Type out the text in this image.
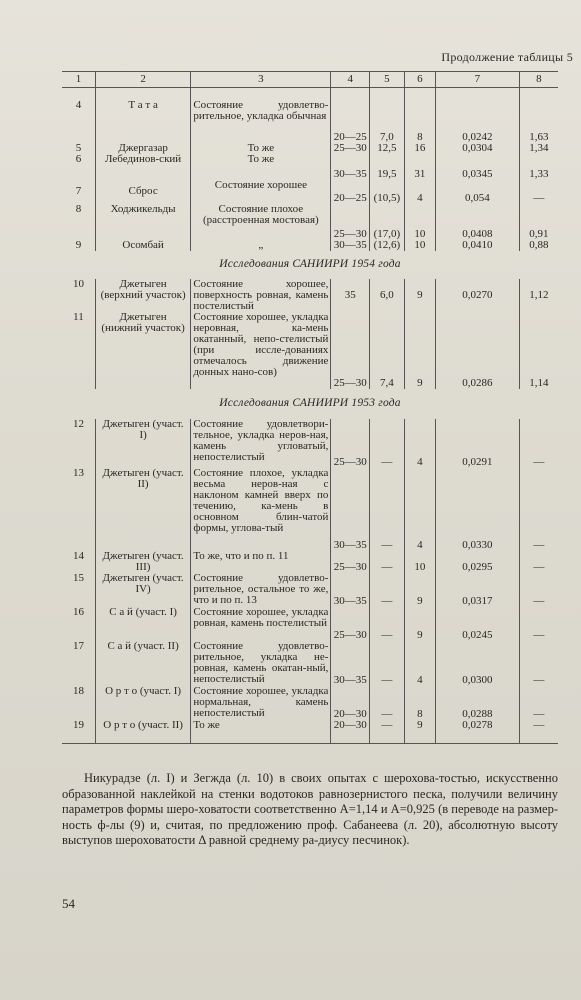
Продолжение таблицы 5
1	2	3	4	5	6	7	8

4	Т а т а	Состояние удовлетво-рительное, укладка обычная	20—25	7,0	8	0,0242	1,63
5	Джергазар	То же	25—30	12,5	16	0,0304	1,34
6	Лебединов-ский	То же	30—35	19,5	31	0,0345	1,33
7	Сброс	Состояние хорошее	20—25	(10,5)	4	0,054	—
8	Ходжикельды	Состояние плохое (расстроенная мостовая)	25—30	(17,0)	10	0,0408	0,91
9	Осомбай	„	30—35	(12,6)	10	0,0410	0,88
Исследования САНИИРИ 1954 года							
10	Джетыген (верхний участок)	Состояние хорошее, поверхность ровная, камень постелистый	35	6,0	9	0,0270	1,12
11	Джетыген (нижний участок)	Состояние хорошее, укладка неровная, ка-мень окатанный, непо-стелистый (при иссле-дованиях отмечалось движение донных нано-сов)	25—30	7,4	9	0,0286	1,14
Исследования САНИИРИ 1953 года							
12	Джетыген (участ. I)	Состояние удовлетвори-тельное, укладка неров-ная, камень угловатый, непостелистый	25—30	—	4	0,0291	—
13	Джетыген (участ. II)	Состояние плохое, укладка весьма неров-ная с наклоном камней вверх по течению, ка-мень в основном блин-чатой формы, углова-тый	30—35	—	4	0,0330	—
14	Джетыген (участ. III)	То же, что и по п. 11	25—30	—	10	0,0295	—
15	Джетыген (участ. IV)	Состояние удовлетво-рительное, остальное то же, что и по п. 13	30—35	—	9	0,0317	—
16	С а й (участ. I)	Состояние хорошее, укладка ровная, камень постелистый	25—30	—	9	0,0245	—
17	С а й (участ. II)	Состояние удовлетво-рительное, укладка не-ровная, камень окатан-ный, непостелистый	30—35	—	4	0,0300	—
18	О р т о (участ. I)	Состояние хорошее, укладка нормальная, камень непостелистый	20—30	—	8	0,0288	—
19	О р т о (участ. II)	То же	20—30	—	9	0,0278	—
Никурадзе (л. I) и Зегжда (л. 10) в своих опытах с шерохова-тостью, искусственно образованной наклейкой на стенки водотоков равнозернистого песка, получили величину параметров формы шеро-ховатости соответственно A=1,14 и A=0,925 (в переводе на размер-ность ф-лы (9) и, считая, по предложению проф. Сабанеева (л. 20), абсолютную высоту выступов шероховатости Δ равной среднему ра-диусу песчинок).
54
